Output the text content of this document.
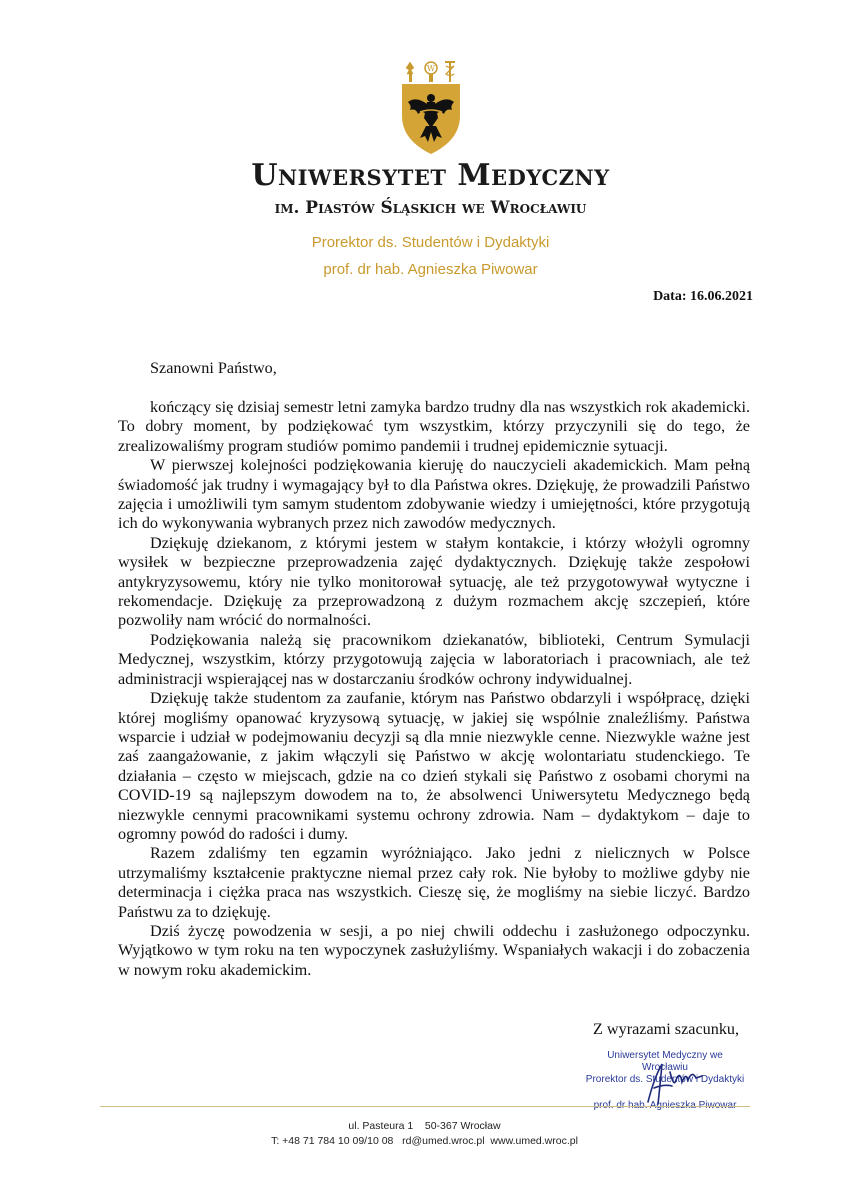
W
Uniwersytet Medyczny
im. Piastów Śląskich we Wrocławiu
Prorektor ds. Studentów i Dydaktyki
prof. dr hab. Agnieszka Piwowar
Data: 16.06.2021
Szanowni Państwo,

kończący się dzisiaj semestr letni zamyka bardzo trudny dla nas wszystkich rok akademicki. To dobry moment, by podziękować tym wszystkim, którzy przyczynili się do tego, że zrealizowaliśmy program studiów pomimo pandemii i trudnej epidemicznie sytuacji.

W pierwszej kolejności podziękowania kieruję do nauczycieli akademickich. Mam pełną świadomość jak trudny i wymagający był to dla Państwa okres. Dziękuję, że prowadzili Państwo zajęcia i umożliwili tym samym studentom zdobywanie wiedzy i umiejętności, które przygotują ich do wykonywania wybranych przez nich zawodów medycznych.

Dziękuję dziekanom, z którymi jestem w stałym kontakcie, i którzy włożyli ogromny wysiłek w bezpieczne przeprowadzenia zajęć dydaktycznych. Dziękuję także zespołowi antykryzysowemu, który nie tylko monitorował sytuację, ale też przygotowywał wytyczne i rekomendacje. Dziękuję za przeprowadzoną z dużym rozmachem akcję szczepień, które pozwoliły nam wrócić do normalności.

Podziękowania należą się pracownikom dziekanatów, biblioteki, Centrum Symulacji Medycznej, wszystkim, którzy przygotowują zajęcia w laboratoriach i pracowniach, ale też administracji wspierającej nas w dostarczaniu środków ochrony indywidualnej.

Dziękuję także studentom za zaufanie, którym nas Państwo obdarzyli i współpracę, dzięki której mogliśmy opanować kryzysową sytuację, w jakiej się wspólnie znaleźliśmy. Państwa wsparcie i udział w podejmowaniu decyzji są dla mnie niezwykle cenne. Niezwykle ważne jest zaś zaangażowanie, z jakim włączyli się Państwo w akcję wolontariatu studenckiego. Te działania – często w miejscach, gdzie na co dzień stykali się Państwo z osobami chorymi na COVID-19 są najlepszym dowodem na to, że absolwenci Uniwersytetu Medycznego będą niezwykle cennymi pracownikami systemu ochrony zdrowia. Nam – dydaktykom – daje to ogromny powód do radości i dumy.

Razem zdaliśmy ten egzamin wyróżniająco. Jako jedni z nielicznych w Polsce utrzymaliśmy kształcenie praktyczne niemal przez cały rok. Nie byłoby to możliwe gdyby nie determinacja i ciężka praca nas wszystkich. Cieszę się, że mogliśmy na siebie liczyć. Bardzo Państwu za to dziękuję.

Dziś życzę powodzenia w sesji, a po niej chwili oddechu i zasłużonego odpoczynku. Wyjątkowo w tym roku na ten wypoczynek zasłużyliśmy. Wspaniałych wakacji i do zobaczenia w nowym roku akademickim.

Z wyrazami szacunku,
Uniwersytet Medyczny we Wrocławiu
Prorektor ds. Studentów i Dydaktyki
prof. dr hab. Agnieszka Piwowar
ul. Pasteura 1    50-367 Wrocław
T: +48 71 784 10 09/10 08   rd@umed.wroc.pl  www.umed.wroc.pl
